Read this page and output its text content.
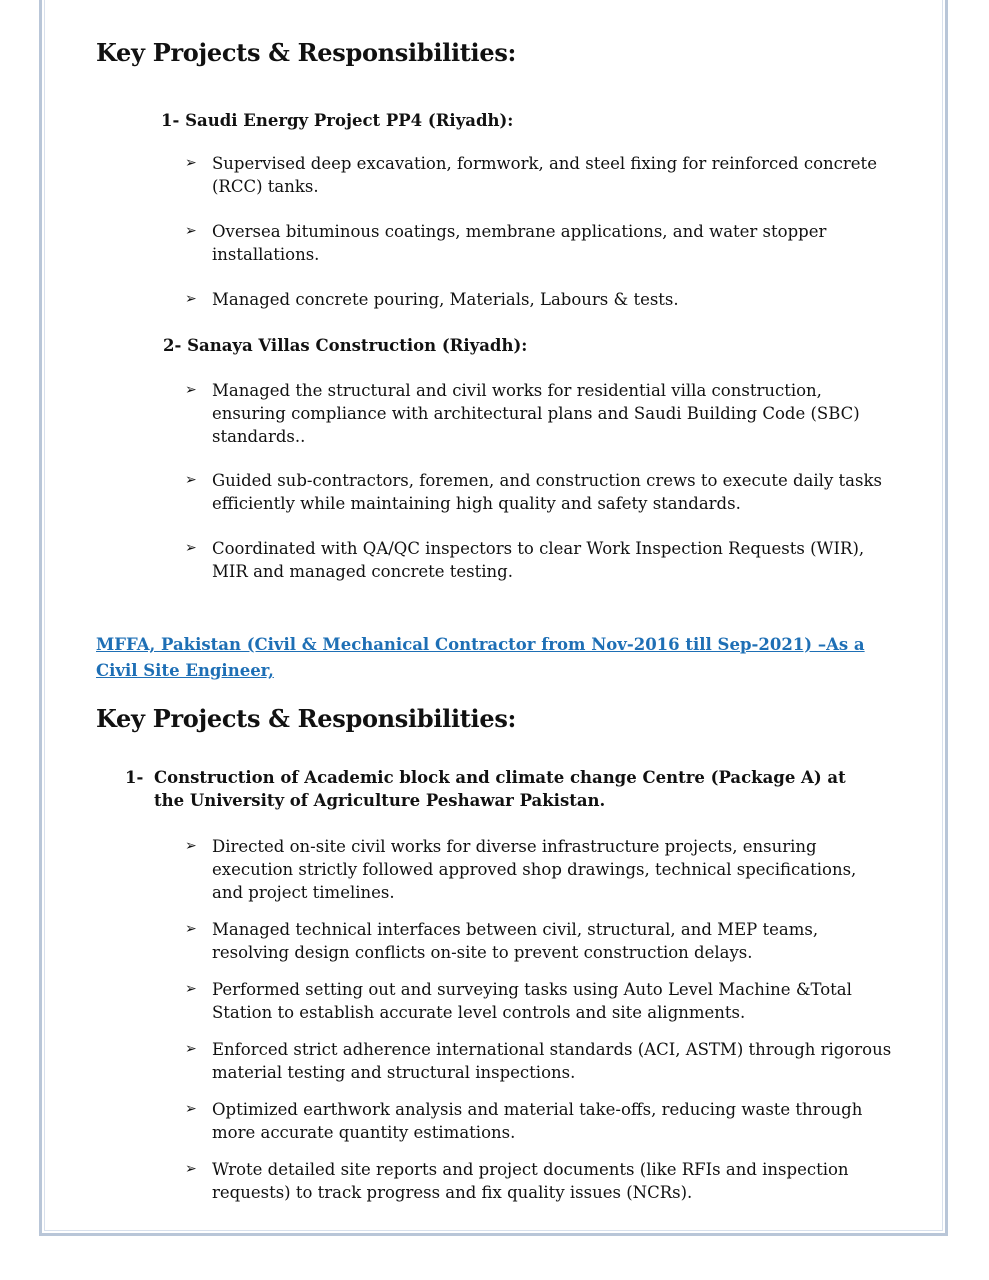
Key Projects & Responsibilities:
1- Saudi Energy Project PP4 (Riyadh):
➢ Supervised deep excavation, formwork, and steel fixing for reinforced concrete (RCC) tanks.
➢ Oversea bituminous coatings, membrane applications, and water stopper installations.
➢ Managed concrete pouring, Materials, Labours & tests.
2- Sanaya Villas Construction (Riyadh):
➢ Managed the structural and civil works for residential villa construction, ensuring compliance with architectural plans and Saudi Building Code (SBC) standards..
➢ Guided sub-contractors, foremen, and construction crews to execute daily tasks efficiently while maintaining high quality and safety standards.
➢ Coordinated with QA/QC inspectors to clear Work Inspection Requests (WIR), MIR and managed concrete testing.
MFFA, Pakistan (Civil & Mechanical Contractor from Nov-2016 till Sep-2021) –As a Civil Site Engineer,
Key Projects & Responsibilities:
1- Construction of Academic block and climate change Centre (Package A) at the University of Agriculture Peshawar Pakistan.
➢ Directed on-site civil works for diverse infrastructure projects, ensuring execution strictly followed approved shop drawings, technical specifications, and project timelines.
➢ Managed technical interfaces between civil, structural, and MEP teams, resolving design conflicts on-site to prevent construction delays.
➢ Performed setting out and surveying tasks using Auto Level Machine &Total Station to establish accurate level controls and site alignments.
➢ Enforced strict adherence international standards (ACI, ASTM) through rigorous material testing and structural inspections.
➢ Optimized earthwork analysis and material take-offs, reducing waste through more accurate quantity estimations.
➢ Wrote detailed site reports and project documents (like RFIs and inspection requests) to track progress and fix quality issues (NCRs).
